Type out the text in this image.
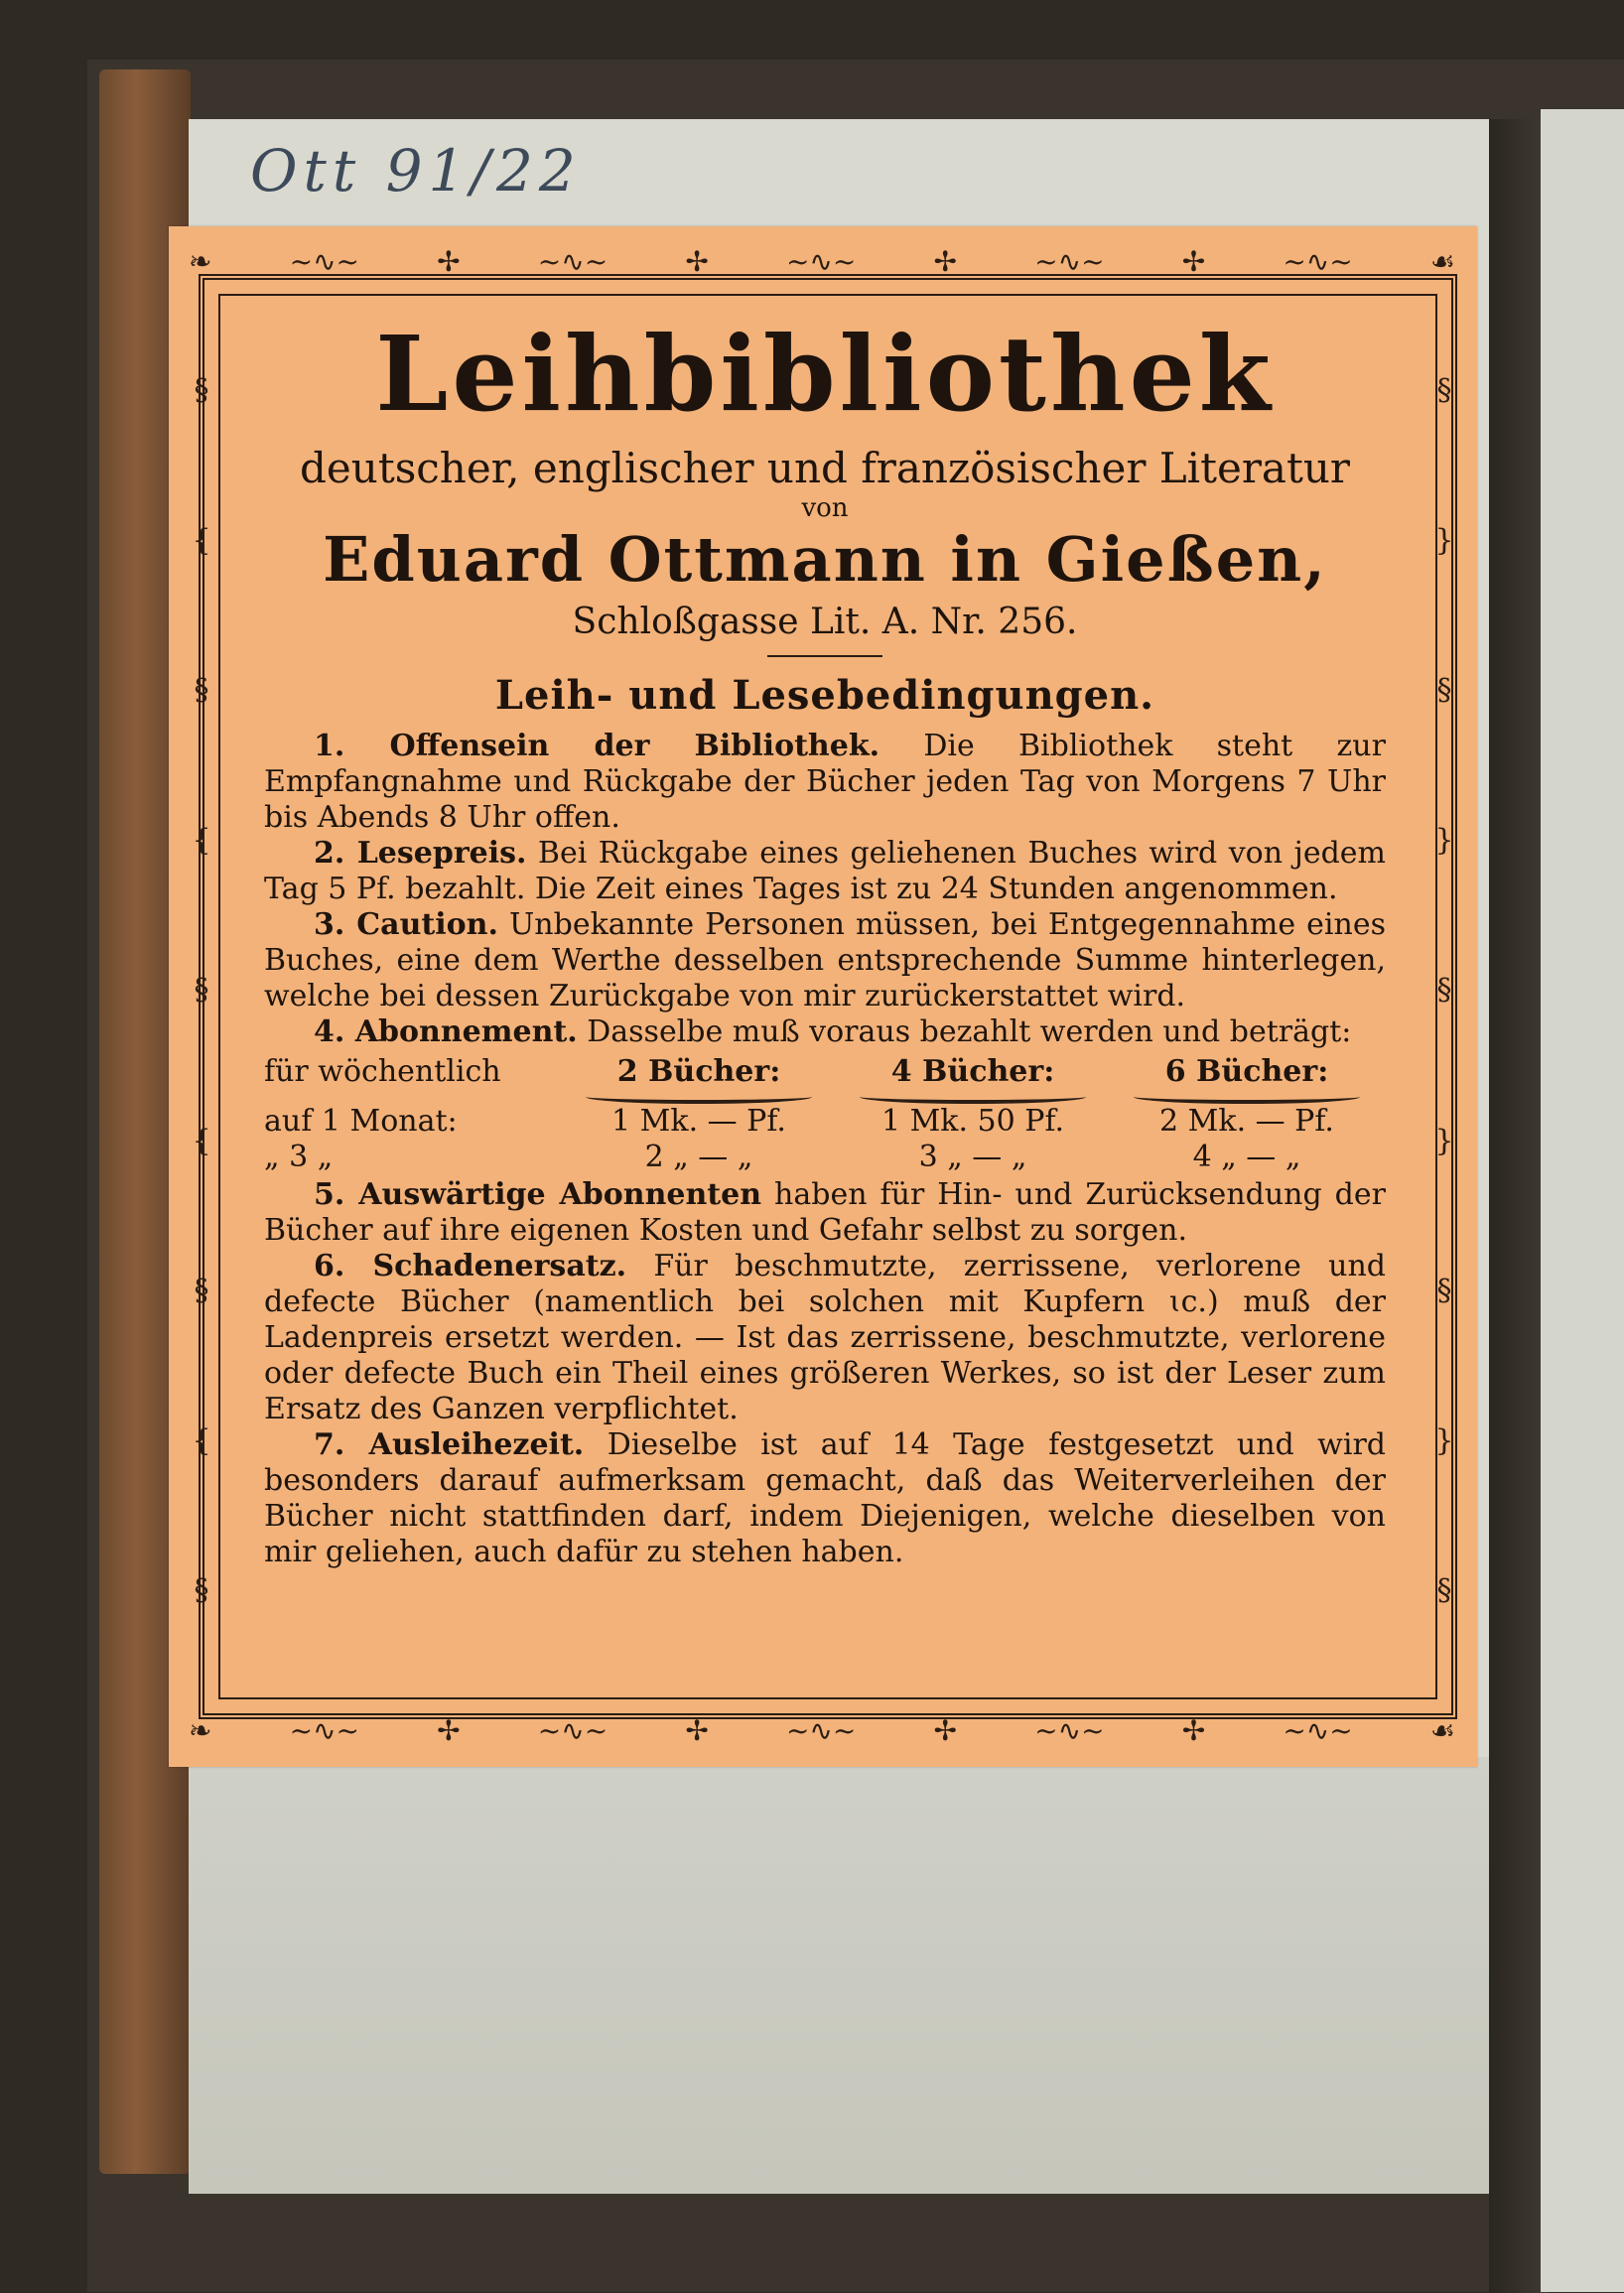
Ott 91/22
❧	~∿~	✢	~∿~	✢	~∿~	✢	~∿~	✢	~∿~	☙
§
{
§
{
§
{
§
{
§
§
}
§
}
§
}
§
}
§
❧	~∿~	✢	~∿~	✢	~∿~	✢	~∿~	✢	~∿~	☙
Leihbibliothek
deutscher, englischer und französischer Literatur
von
Eduard Ottmann in Gießen,
Schloßgasse Lit. A. Nr. 256.
Leih- und Lesebedingungen.

1. Offensein der Bibliothek. Die Bibliothek steht zur Empfangnahme und Rückgabe der Bücher jeden Tag von Morgens 7 Uhr bis Abends 8 Uhr offen.

2. Lesepreis. Bei Rückgabe eines geliehenen Buches wird von jedem Tag 5 Pf. bezahlt. Die Zeit eines Tages ist zu 24 Stunden angenommen.

3. Caution. Unbekannte Personen müssen, bei Entgegennahme eines Buches, eine dem Werthe desselben entsprechende Summe hinterlegen, welche bei dessen Zurückgabe von mir zurückerstattet wird.

4. Abonnement. Dasselbe muß voraus bezahlt werden und beträgt:

für wöchentlich	2 Bücher:	4 Bücher:	6 Bücher:
auf 1 Monat:	1 Mk. — Pf.	1 Mk. 50 Pf.	2 Mk. — Pf.
„ 3 „	2 „ — „	3 „ — „	4 „ — „

5. Auswärtige Abonnenten haben für Hin- und Zurücksendung der Bücher auf ihre eigenen Kosten und Gefahr selbst zu sorgen.

6. Schadenersatz. Für beschmutzte, zerrissene, verlorene und defecte Bücher (namentlich bei solchen mit Kupfern ɩc.) muß der Ladenpreis ersetzt werden. — Ist das zerrissene, beschmutzte, verlorene oder defecte Buch ein Theil eines größeren Werkes, so ist der Leser zum Ersatz des Ganzen verpflichtet.

7. Ausleihezeit. Dieselbe ist auf 14 Tage festgesetzt und wird besonders darauf aufmerksam gemacht, daß das Weiterverleihen der Bücher nicht stattfinden darf, indem Diejenigen, welche dieselben von mir geliehen, auch dafür zu stehen haben.
